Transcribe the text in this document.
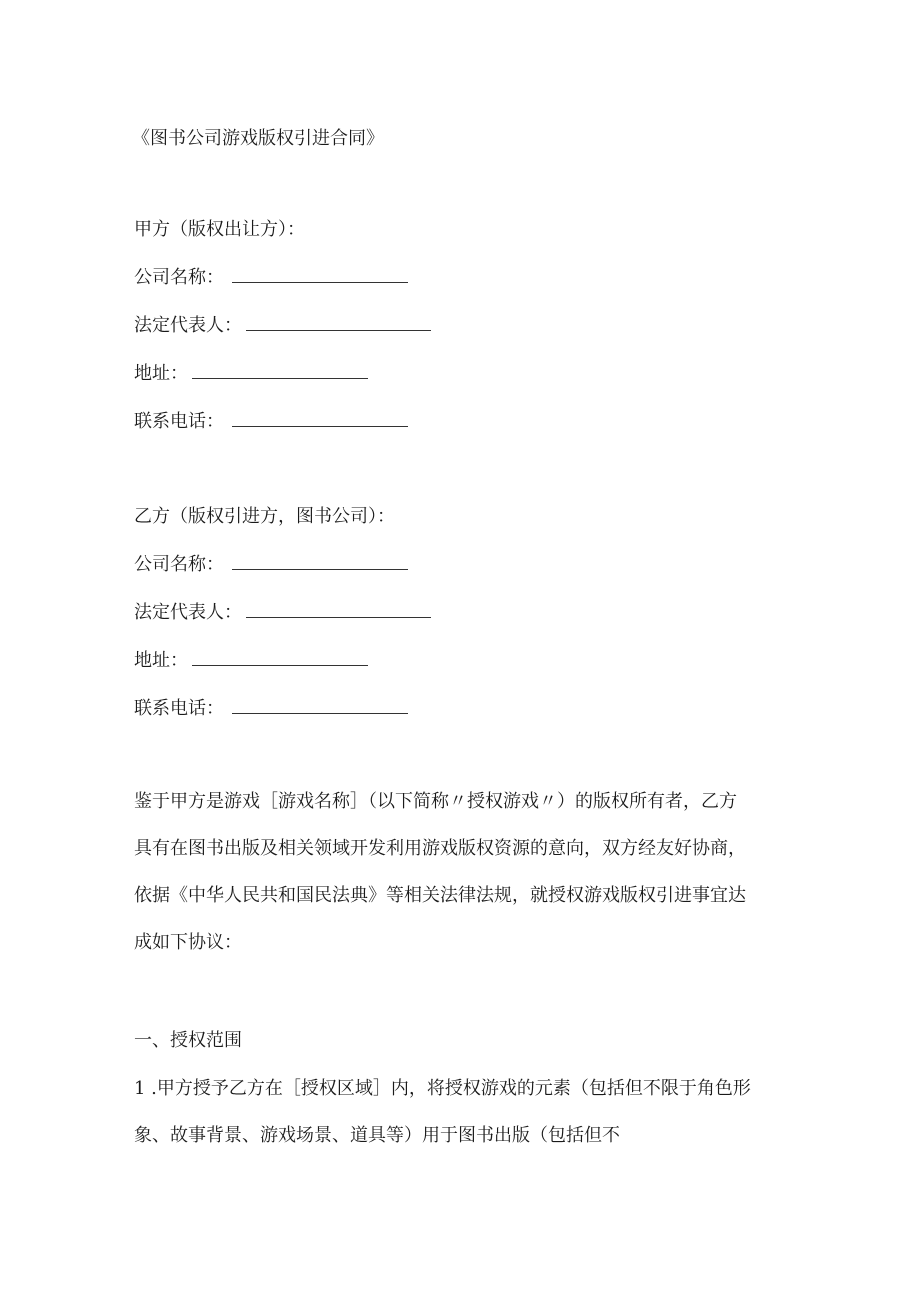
《图书公司游戏版权引进合同》
甲方（版权出让方）：
公司名称：
法定代表人：
地址：
联系电话：
乙方（版权引进方，图书公司）：
公司名称：
法定代表人：
地址：
联系电话：
鉴于甲方是游戏［游戏名称］（以下简称〃授权游戏〃）的版权所有者，乙方
具有在图书出版及相关领域开发利用游戏版权资源的意向，双方经友好协商，
依据《中华人民共和国民法典》等相关法律法规，就授权游戏版权引进事宜达
成如下协议：
一、授权范围
1 .甲方授予乙方在［授权区域］内，将授权游戏的元素（包括但不限于角色形
象、故事背景、游戏场景、道具等）用于图书出版（包括但不
